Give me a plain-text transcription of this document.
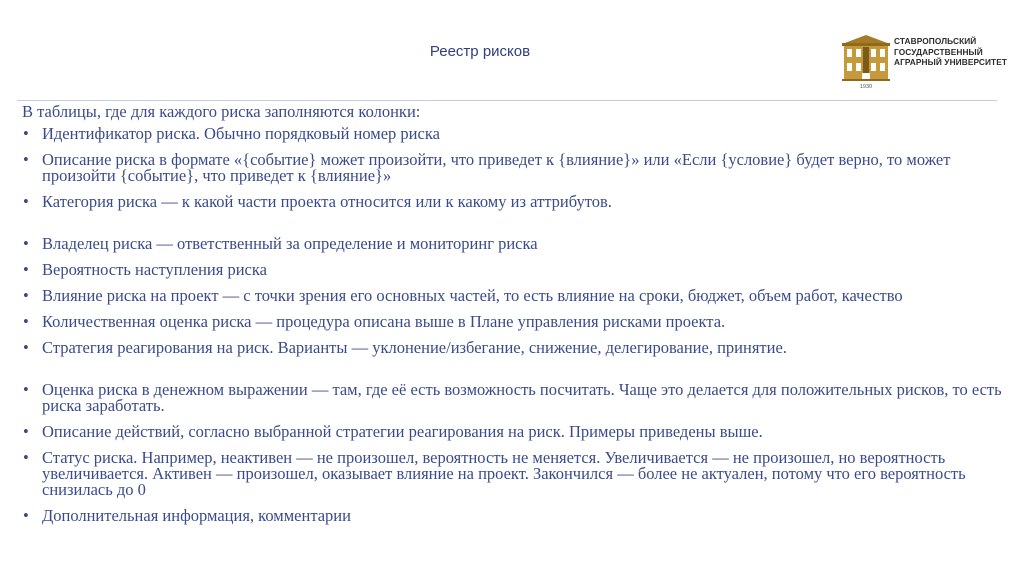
Реестр рисков
1930
СТАВРОПОЛЬСКИЙ
ГОСУДАРСТВЕННЫЙ
АГРАРНЫЙ УНИВЕРСИТЕТ

В таблицы, где для каждого риска заполняются колонки:

• Идентификатор риска. Обычно порядковый номер риска
• Описание риска в формате «{событие} может произойти, что приведет к {влияние}» или «Если {условие} будет верно, то может произойти {событие}, что приведет к {влияние}»
• Категория риска — к какой части проекта относится или к какому из аттрибутов.
• Владелец риска — ответственный за определение и мониторинг риска
• Вероятность наступления риска
• Влияние риска на проект — с точки зрения его основных частей, то есть влияние на сроки, бюджет, объем работ, качество
• Количественная оценка риска — процедура описана выше в Плане управления рисками проекта.
• Стратегия реагирования на риск. Варианты — уклонение/избегание, снижение, делегирование, принятие.
• Оценка риска в денежном выражении — там, где её есть возможность посчитать. Чаще это делается для положительных рисков, то есть риска заработать.
• Описание действий, согласно выбранной стратегии реагирования на риск. Примеры приведены выше.
• Статус риска. Например, неактивен — не произошел, вероятность не меняется. Увеличивается — не произошел, но вероятность увеличивается. Активен — произошел, оказывает влияние на проект. Закончился — более не актуален, потому что его вероятность снизилась до 0
• Дополнительная информация, комментарии
